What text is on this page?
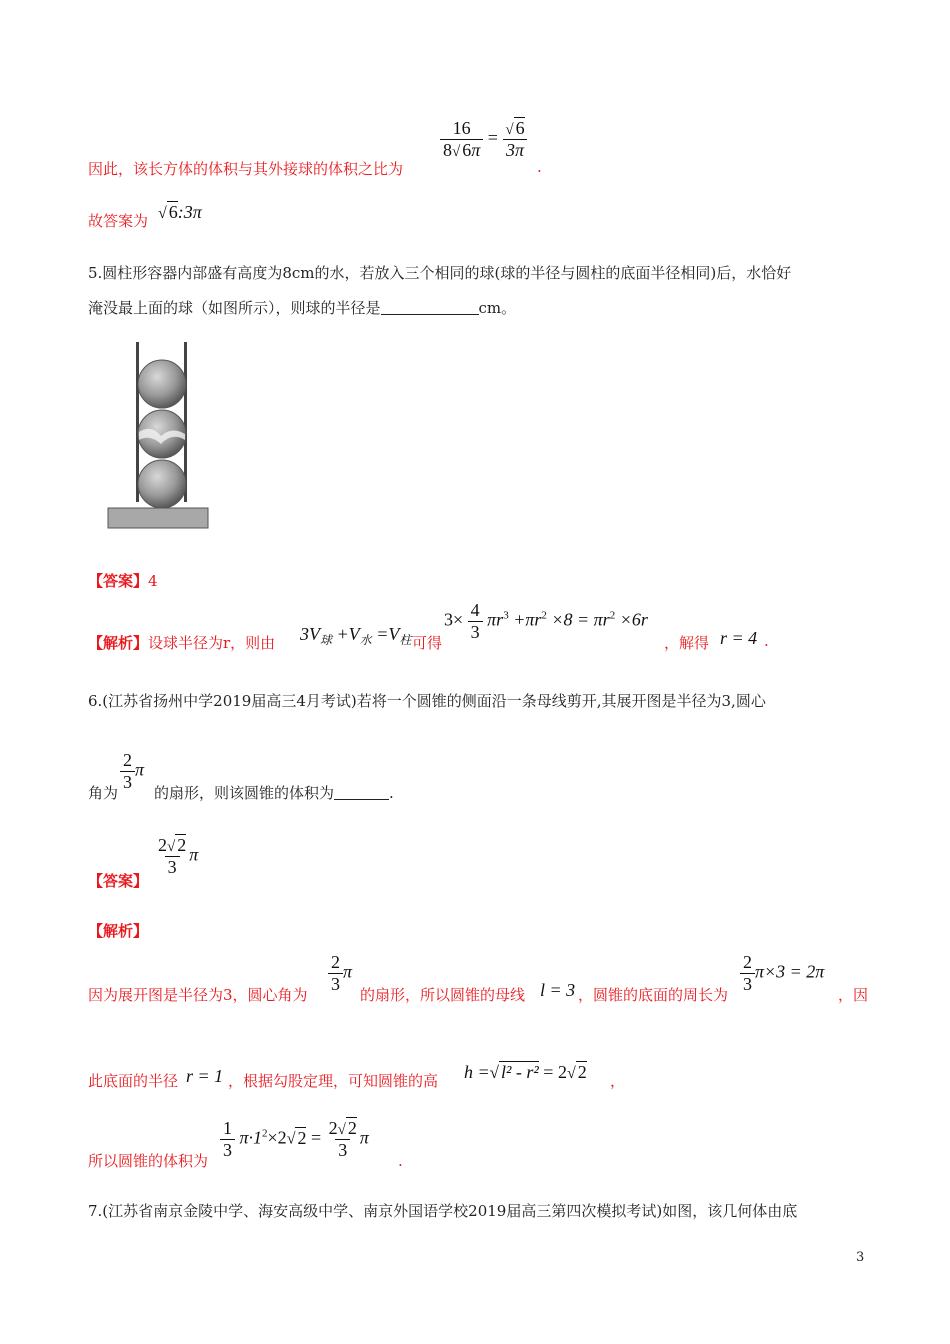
因此，该长方体的体积与其外接球的体积之比为
$\frac{16}{8√ 6\pi} = \frac{√ 6}{3\pi}$
.
故答案为 √ 6:3π
5.圆柱形容器内部盛有高度为8cm的水，若放入三个相同的球(球的半径与圆柱的底面半径相同)后，水恰好
淹没最上面的球（如图所示），则球的半径是	cm。
【答案】4
【解析】设球半径为r，则由 $3V_球 +V_水 =V_柱$ 可得
$3\times \frac{4}{3} \pi r^3 +\pi r^2 \times 8 = \pi r^2 \times 6r$
，解得 r = 4 .
6.(江苏省扬州中学2019届高三4月考试)若将一个圆锥的侧面沿一条母线剪开,其展开图是半径为3,圆心
角为
$\frac{2}{3}$ π
的扇形，则该圆锥的体积为	.
【答案】
$\frac{2√ 2}{3}$ π
【解析】
因为展开图是半径为3，圆心角为
$\frac{2}{3}$ π
的扇形，所以圆锥的母线 l = 3 ，圆锥的底面的周长为
$\frac{2}{3} \pi\times 3 = 2\pi$
，因
此底面的半径 r = 1 ，根据勾股定理，可知圆锥的高 h =√ l² - r² = 2√ 2 ，
所以圆锥的体积为
$\frac{1}{3} \pi\cdot 1^2\times 2√$ $2 = \frac{2√ 2}{3}$ π
.
7.(江苏省南京金陵中学、海安高级中学、南京外国语学校2019届高三第四次模拟考试)如图，该几何体由底
3
